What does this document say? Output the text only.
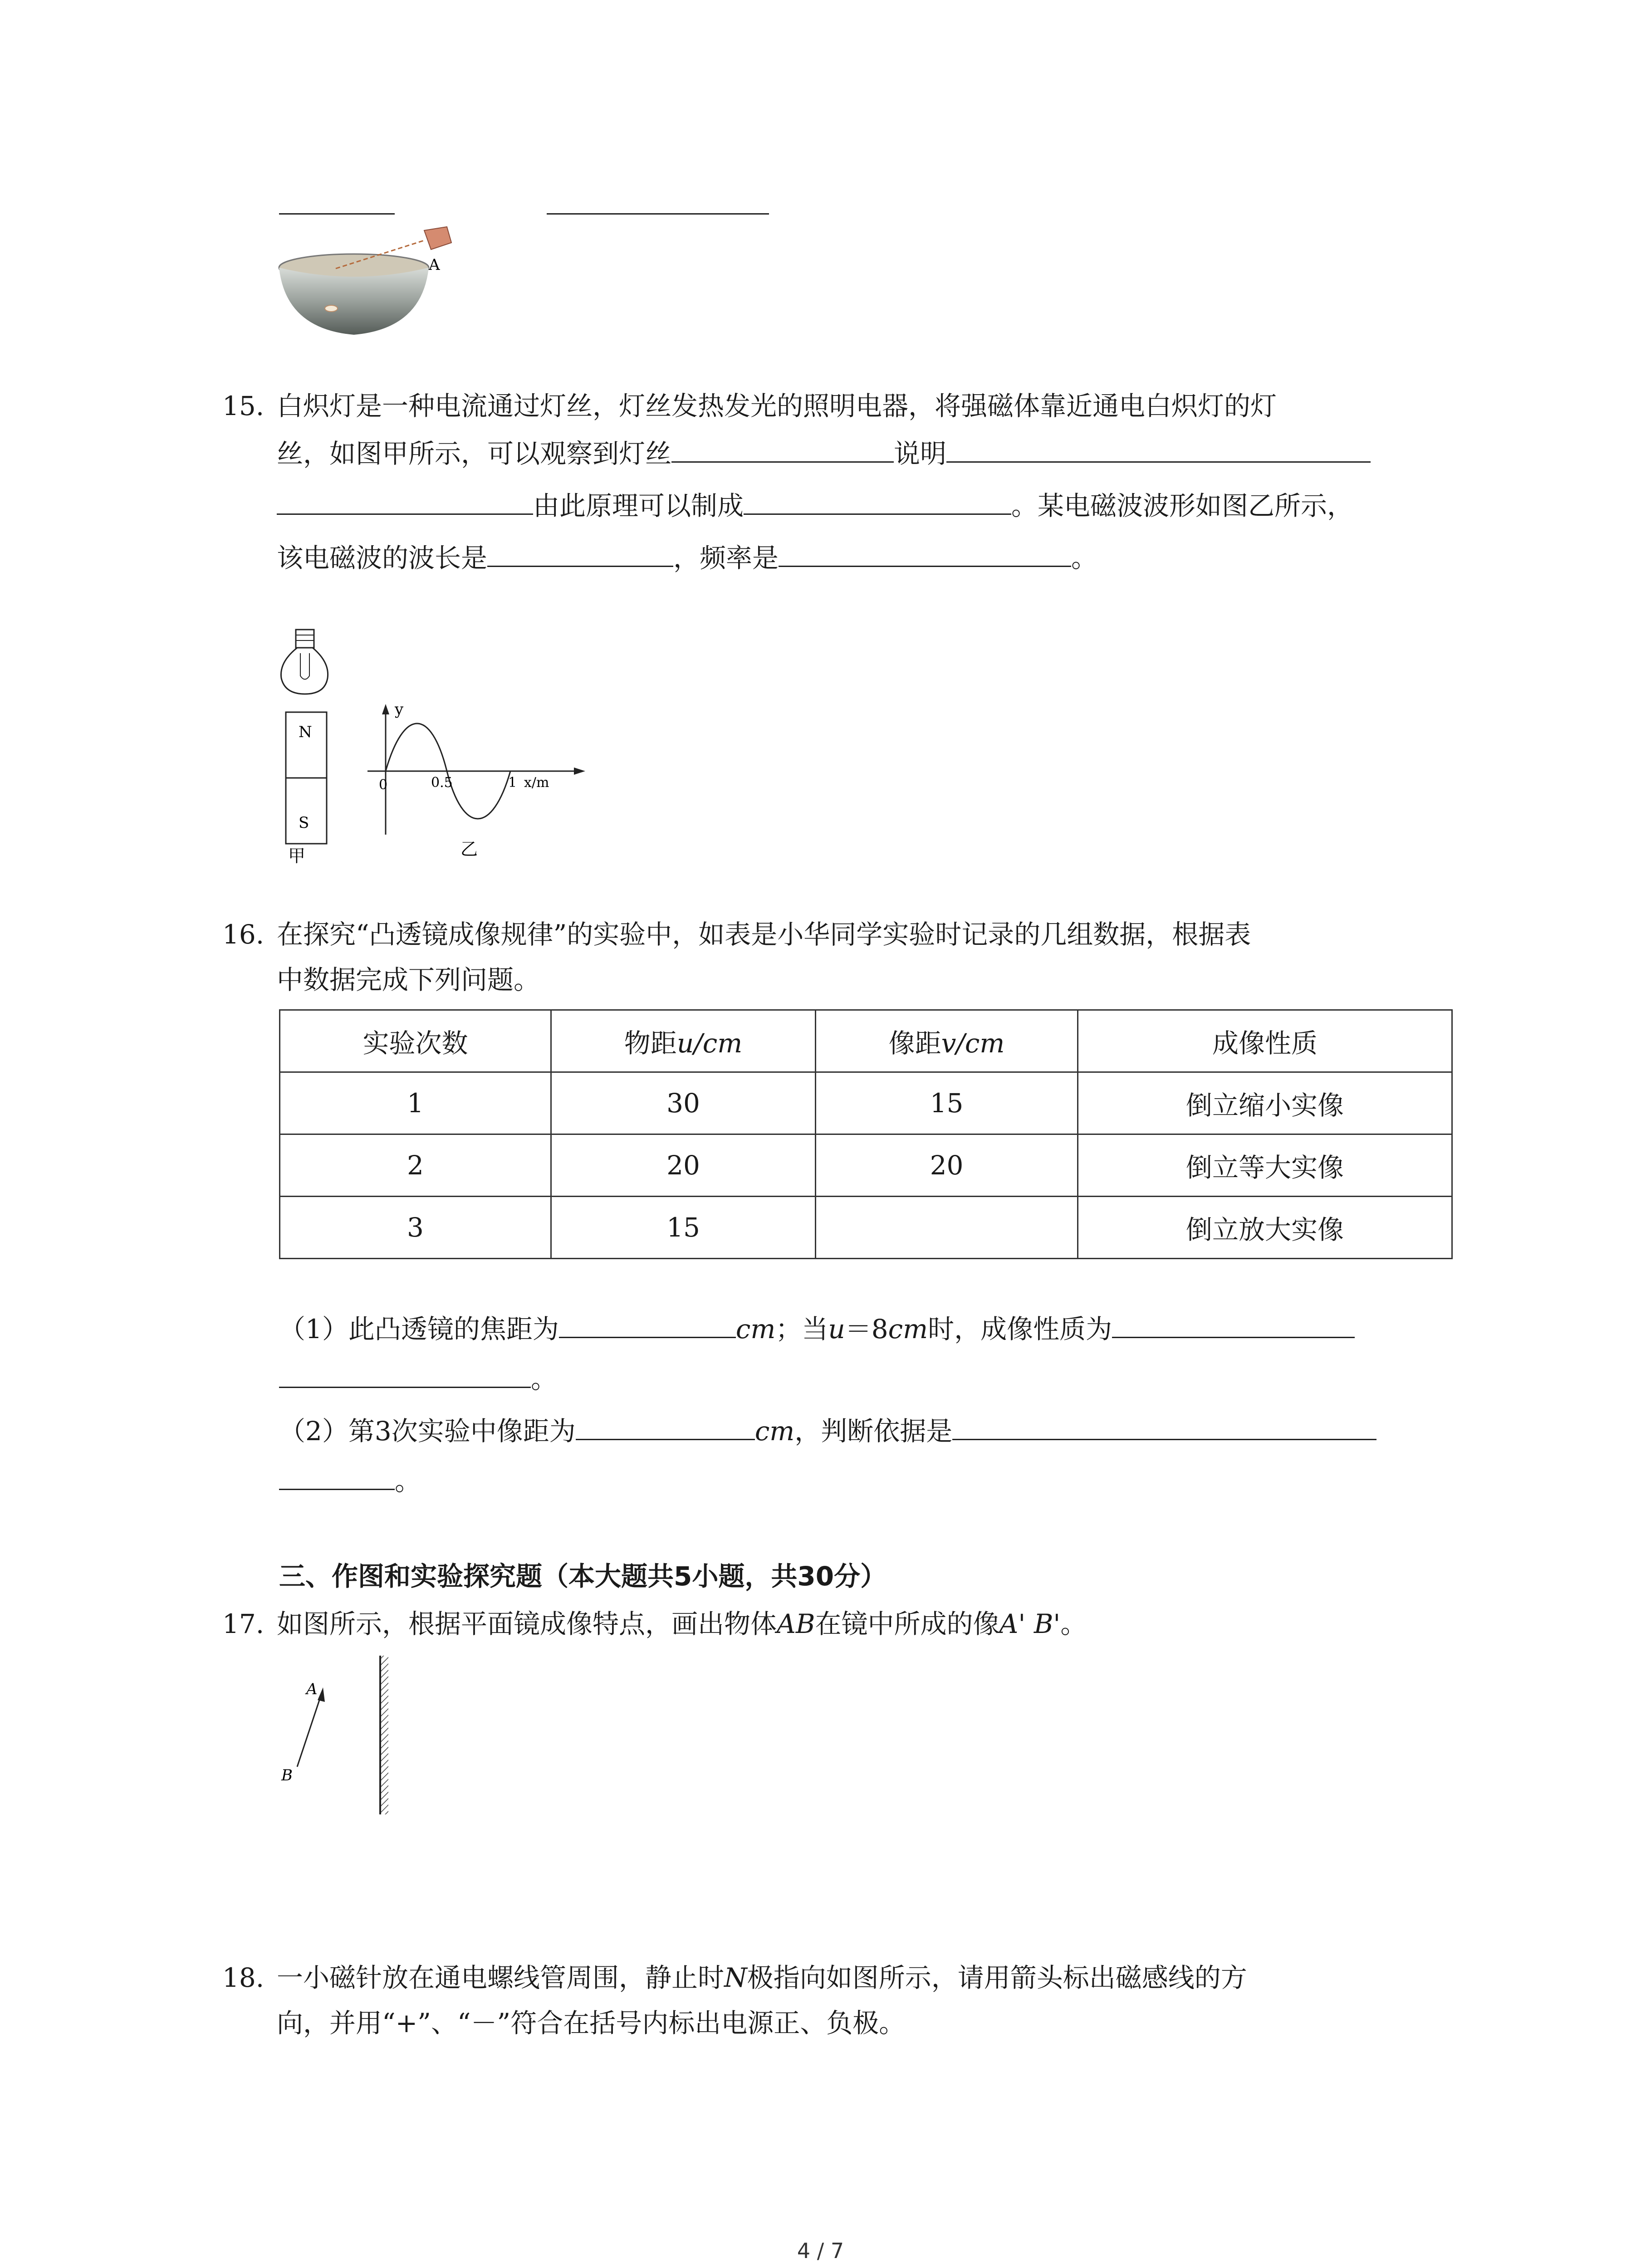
A
15. 白炽灯是一种电流通过灯丝，灯丝发热发光的照明电器，将强磁体靠近通电白炽灯的灯
丝，如图甲所示，可以观察到灯丝	说明
由此原理可以制成	。某电磁波波形如图乙所示，
该电磁波的波长是	，频率是	。
N
S
甲
y
0	0.5	1 x/m
乙
16. 在探究“凸透镜成像规律”的实验中，如表是小华同学实验时记录的几组数据，根据表
中数据完成下列问题。
实验次数	物距u/cm	像距v/cm	成像性质
1	30	15	倒立缩小实像
2	20	20	倒立等大实像
3	15		倒立放大实像
（1）此凸透镜的焦距为	cm；当u＝8cm时，成像性质为
。
（2）第3次实验中像距为	cm，判断依据是
。
三、作图和实验探究题（本大题共5小题，共30分）
17. 如图所示，根据平面镜成像特点，画出物体AB在镜中所成的像A' B'。
A
B
18. 一小磁针放在通电螺线管周围，静止时N极指向如图所示，请用箭头标出磁感线的方
向，并用“+”、“－”符合在括号内标出电源正、负极。
4 / 7
